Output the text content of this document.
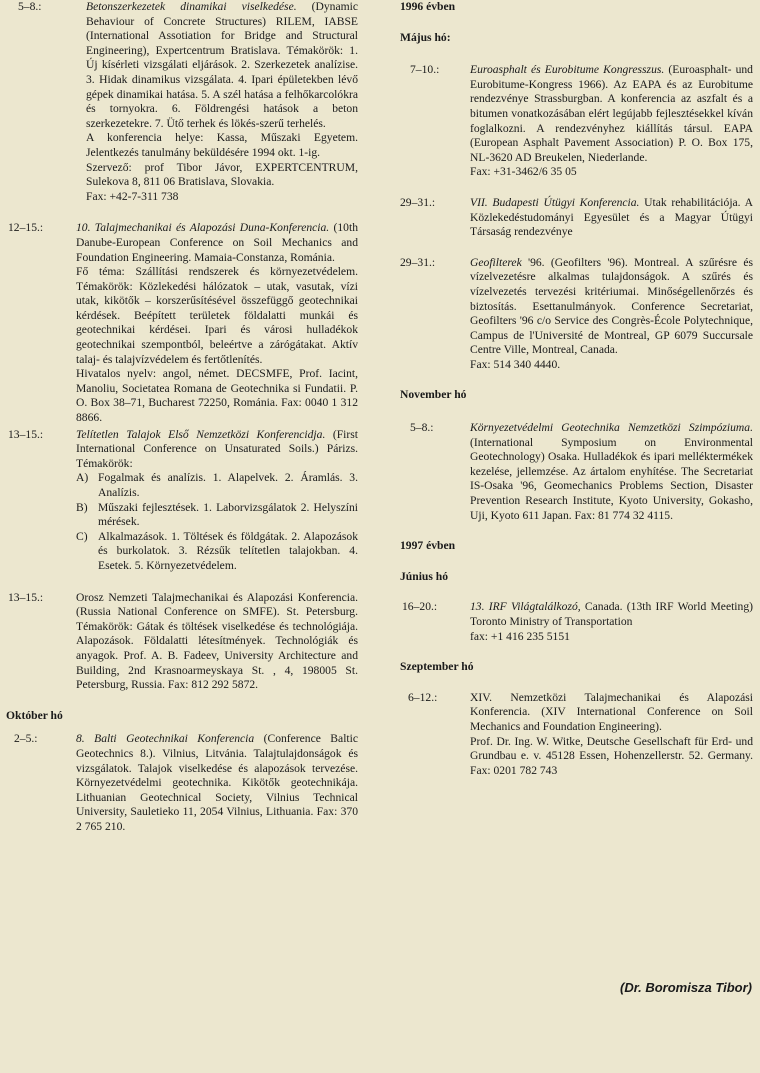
5–8.:	Betonszerkezetek dinamikai viselkedése. (Dynamic Behaviour of Concrete Structures) RILEM, IABSE (International Assotiation for Bridge and Structural Engineering), Expertcentrum Bratislava. Témakörök: 1. Új kísérleti vizsgálati eljárások. 2. Szerkezetek analízise. 3. Hidak dinamikus vizsgálata. 4. Ipari épületekben lévő gépek dinamikai hatása. 5. A szél hatása a felhőkarcolókra és tornyokra. 6. Földrengési hatások a beton szerkezetekre. 7. Ütő terhek és lökés-szerű terhelés.

A konferencia helye: Kassa, Műszaki Egyetem. Jelentkezés tanulmány beküldésére 1994 okt. 1-ig.

Szervező: prof Tibor Jávor, EXPERTCENTRUM, Sulekova 8, 811 06 Bratislava, Slovakia.

Fax: +42-7-311 738

12–15.:	10. Talajmechanikai és Alapozási Duna-Konferencia. (10th Danube-European Conference on Soil Mechanics and Foundation Engineering. Mamaia-Constanza, Románia.

Fő téma: Szállítási rendszerek és környezetvédelem. Témakörök: Közlekedési hálózatok – utak, vasutak, vízi utak, kikötők – korszerűsítésével összefüggő geotechnikai kérdések. Beépített területek földalatti munkái és geotechnikai kérdései. Ipari és városi hulladékok geotechnikai szempontból, beleértve a zárógátakat. Aktív talaj- és talajvízvédelem és fertőtlenítés.

Hivatalos nyelv: angol, német. DECSMFE, Prof. Iacint, Manoliu, Societatea Romana de Geotechnika si Fundatii. P. O. Box 38–71, Bucharest 72250, Románia. Fax: 0040 1 312 8866.

13–15.:	Telítetlen Talajok Első Nemzetközi Konferencidja. (First International Conference on Unsaturated Soils.) Párizs. Témakörök:

A) Fogalmak és analízis. 1. Alapelvek. 2. Áramlás. 3. Analízis.
B) Műszaki fejlesztések. 1. Laborvizsgálatok 2. Helyszíni mérések.
C) Alkalmazások. 1. Töltések és földgátak. 2. Alapozások és burkolatok. 3. Rézsűk telítetlen talajokban. 4. Esetek. 5. Környezetvédelem.
13–15.:	Orosz Nemzeti Talajmechanikai és Alapozási Konferencia. (Russia National Conference on SMFE). St. Petersburg. Témakörök: Gátak és töltések viselkedése és technológiája. Alapozások. Földalatti létesítmények. Technológiák és anyagok. Prof. A. B. Fadeev, University Architecture and Building, 2nd Krasnoarmeyskaya St. , 4, 198005 St. Petersburg, Russia. Fax: 812 292 5872.

Október hó
2–5.:	8. Balti Geotechnikai Konferencia (Conference Baltic Geotechnics 8.). Vilnius, Litvánia. Talajtulajdonságok és vizsgálatok. Talajok viselkedése és alapozások tervezése. Környezetvédelmi geotechnika. Kikötők geotechnikája. Lithuanian Geotechnical Society, Vilnius Technical University, Sauletieko 11, 2054 Vilnius, Lithuania. Fax: 370 2 765 210.

1996 évben
Május hó:
7–10.:	Euroasphalt és Eurobitume Kongresszus. (Euroasphalt- und Eurobitume-Kongress 1966). Az EAPA és az Eurobitume rendezvénye Strassburgban. A konferencia az aszfalt és a bitumen vonatkozásában elért legújabb fejlesztésekkel kíván foglalkozni. A rendezvényhez kiállítás társul. EAPA (European Asphalt Pavement Association) P. O. Box 175, NL-3620 AD Breukelen, Niederlande.

Fax: +31-3462/6 35 05

29–31.:	VII. Budapesti Útügyi Konferencia. Utak rehabilitációja. A Közlekedéstudományi Egyesület és a Magyar Útügyi Társaság rendezvénye

29–31.:	Geofilterek '96. (Geofilters '96). Montreal. A szűrésre és vízelvezetésre alkalmas tulajdonságok. A szűrés és vízelvezetés tervezési kritériumai. Minőségellenőrzés és biztosítás. Esettanulmányok. Conference Secretariat, Geofilters '96 c/o Service des Congrès-École Polytechnique, Campus de l'Université de Montreal, GP 6079 Succursale Centre Ville, Montreal, Canada.

Fax: 514 340 4440.

November hó
5–8.:	Környezetvédelmi Geotechnika Nemzetközi Szimpóziuma. (International Symposium on Environmental Geotechnology) Osaka. Hulladékok és ipari melléktermékek kezelése, jellemzése. Az ártalom enyhítése. The Secretariat IS-Osaka '96, Geomechanics Problems Section, Disaster Prevention Research Institute, Kyoto University, Gokasho, Uji, Kyoto 611 Japan. Fax: 81 774 32 4115.

1997 évben
Június hó
16–20.:	13. IRF Világtalálkozó, Canada. (13th IRF World Meeting) Toronto Ministry of Transportation

fax: +1 416 235 5151

Szeptember hó
6–12.:	XIV. Nemzetközi Talajmechanikai és Alapozási Konferencia. (XIV International Conference on Soil Mechanics and Foundation Engineering).

Prof. Dr. Ing. W. Witke, Deutsche Gesellschaft für Erd- und Grundbau e. v. 45128 Essen, Hohenzellerstr. 52. Germany. Fax: 0201 782 743

(Dr. Boromisza Tibor)
